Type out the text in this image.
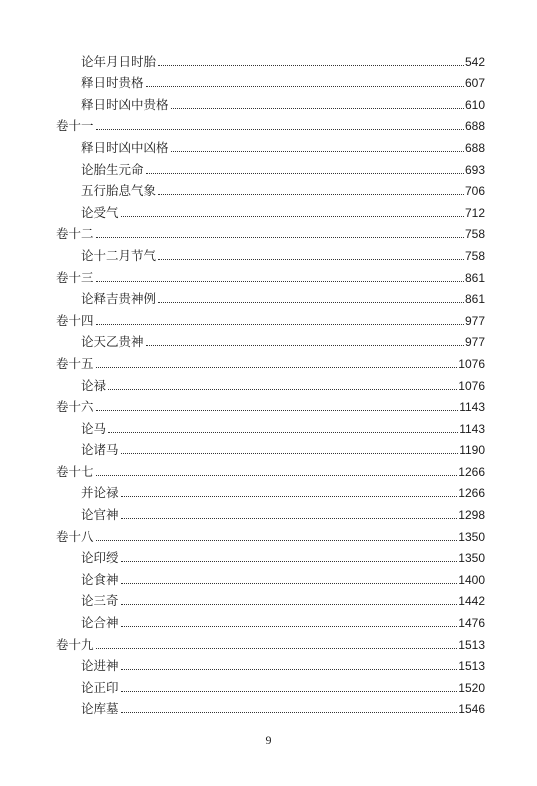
论年月日时胎	542
释日时贵格	607
释日时凶中贵格	610
卷十一	688
释日时凶中凶格	688
论胎生元命	693
五行胎息气象	706
论受气	712
卷十二	758
论十二月节气	758
卷十三	861
论释吉贵神例	861
卷十四	977
论天乙贵神	977
卷十五	1076
论禄	1076
卷十六	1143
论马	1143
论诸马	1190
卷十七	1266
并论禄	1266
论官神	1298
卷十八	1350
论印绶	1350
论食神	1400
论三奇	1442
论合神	1476
卷十九	1513
论进神	1513
论正印	1520
论库墓	1546
9
